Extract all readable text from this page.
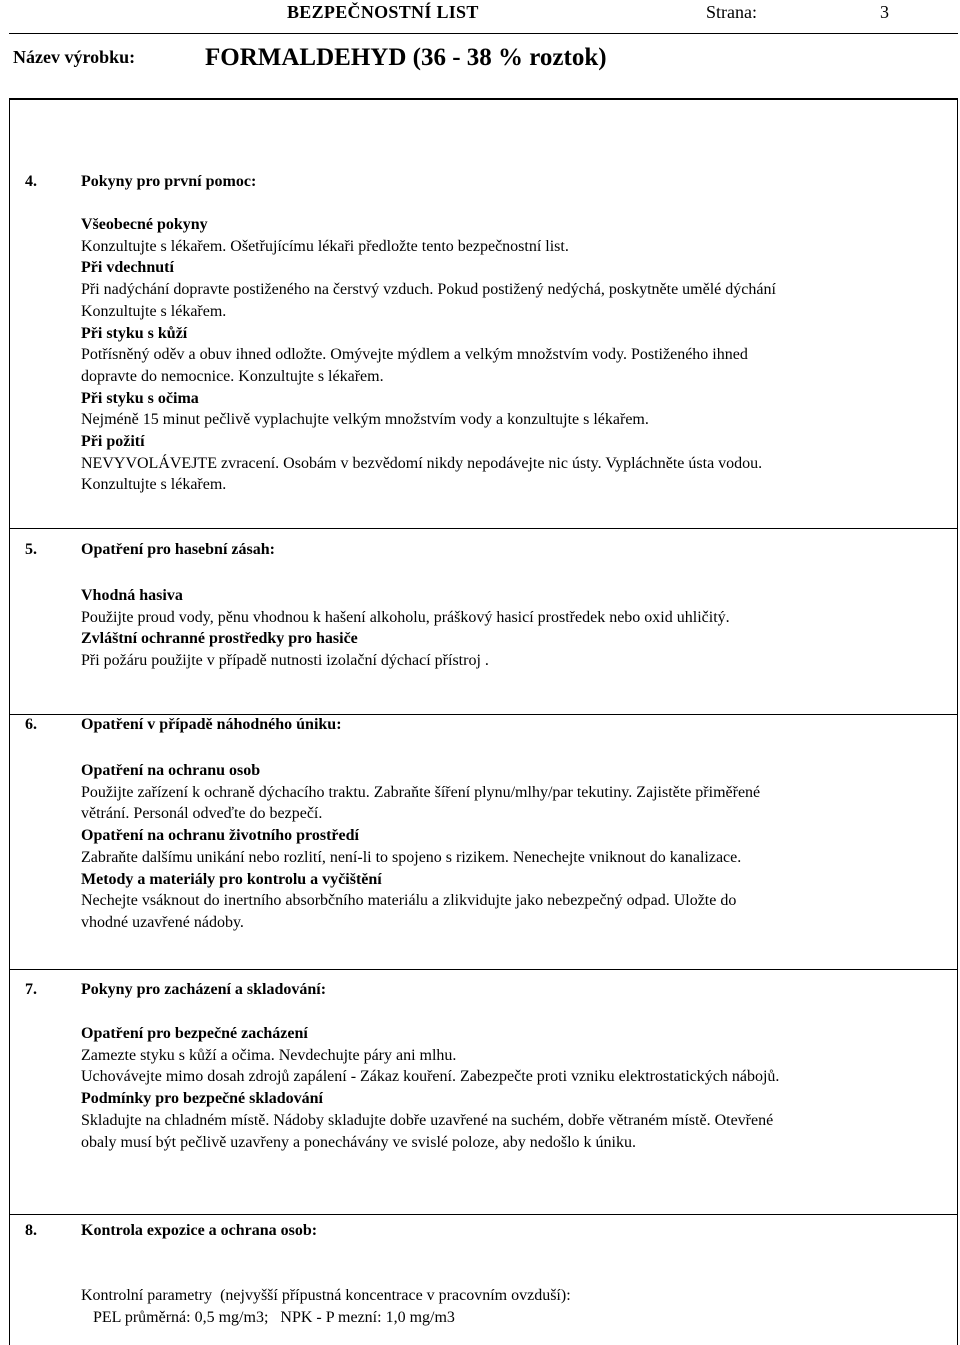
BEZPEČNOSTNÍ LIST	Strana:	3
Název výrobku:	FORMALDEHYD (36 - 38 % roztok)
4.	Pokyny pro první pomoc:

Všeobecné pokyny

Konzultujte s lékařem. Ošetřujícímu lékaři předložte tento bezpečnostní list.

Při vdechnutí

Při nadýchání dopravte postiženého na čerstvý vzduch. Pokud postižený nedýchá, poskytněte umělé dýchání

Konzultujte s lékařem.

Při styku s kůží

Potřísněný oděv a obuv ihned odložte. Omývejte mýdlem a velkým množstvím vody. Postiženého ihned

dopravte do nemocnice. Konzultujte s lékařem.

Při styku s očima

Nejméně 15 minut pečlivě vyplachujte velkým množstvím vody a konzultujte s lékařem.

Při požití

NEVYVOLÁVEJTE zvracení. Osobám v bezvědomí nikdy nepodávejte nic ústy. Vypláchněte ústa vodou.

Konzultujte s lékařem.

5.	Opatření pro hasební zásah:

Vhodná hasiva

Použijte proud vody, pěnu vhodnou k hašení alkoholu, práškový hasicí prostředek nebo oxid uhličitý.

Zvláštní ochranné prostředky pro hasiče

Při požáru použijte v případě nutnosti izolační dýchací přístroj .

6.	Opatření v případě náhodného úniku:

Opatření na ochranu osob

Použijte zařízení k ochraně dýchacího traktu. Zabraňte šíření plynu/mlhy/par tekutiny. Zajistěte přiměřené

větrání. Personál odveďte do bezpečí.

Opatření na ochranu životního prostředí

Zabraňte dalšímu unikání nebo rozlití, není-li to spojeno s rizikem. Nenechejte vniknout do kanalizace.

Metody a materiály pro kontrolu a vyčištění

Nechejte vsáknout do inertního absorbčního materiálu a zlikvidujte jako nebezpečný odpad. Uložte do

vhodné uzavřené nádoby.

7.	Pokyny pro zacházení a skladování:

Opatření pro bezpečné zacházení

Zamezte styku s kůží a očima. Nevdechujte páry ani mlhu.

Uchovávejte mimo dosah zdrojů zapálení - Zákaz kouření. Zabezpečte proti vzniku elektrostatických nábojů.

Podmínky pro bezpečné skladování

Skladujte na chladném místě. Nádoby skladujte dobře uzavřené na suchém, dobře větraném místě. Otevřené

obaly musí být pečlivě uzavřeny a ponechávány ve svislé poloze, aby nedošlo k úniku.

8.	Kontrola expozice a ochrana osob:

Kontrolní parametry  (nejvyšší přípustná koncentrace v pracovním ovzduší):

PEL průměrná: 0,5 mg/m3;   NPK - P mezní: 1,0 mg/m3
